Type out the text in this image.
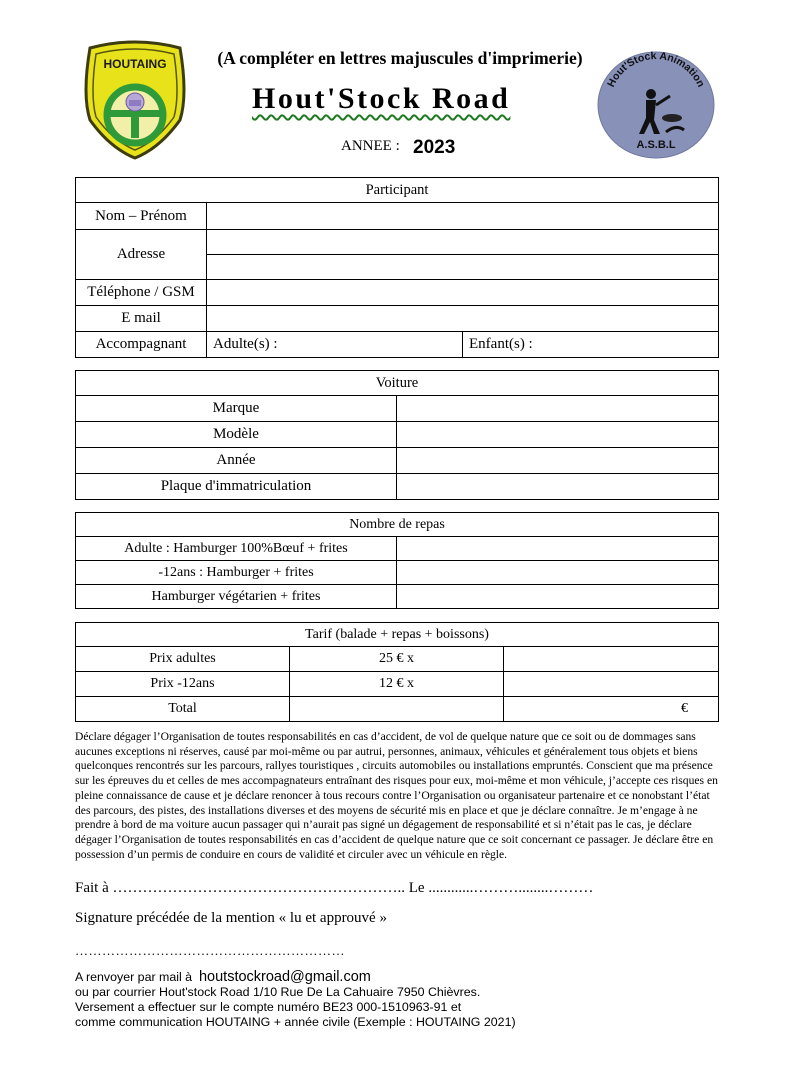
HOUTAING
Hout'Stock Animation
A.S.B.L
(A compléter en lettres majuscules d'imprimerie)
Hout'Stock Road
ANNEE : 2023
Participant		
Nom – Prénom		
Adresse		

Téléphone / GSM		
E mail		
Accompagnant	Adulte(s) :	Enfant(s) :
Voiture	
Marque	
Modèle	
Année	
Plaque d'immatriculation	
Nombre de repas	
Adulte : Hamburger 100%Bœuf + frites	
-12ans : Hamburger + frites	
Hamburger végétarien + frites	
Tarif (balade + repas + boissons)		
Prix adultes	25 € x	
Prix -12ans	12 € x	
Total		€
Déclare dégager l’Organisation de toutes responsabilités en cas d’accident, de vol de quelque nature que ce soit ou de dommages sans aucunes exceptions ni réserves, causé par moi-même ou par autrui, personnes, animaux, véhicules et généralement tous objets et biens quelconques rencontrés sur les parcours, rallyes touristiques , circuits automobiles ou installations empruntés. Conscient que ma présence sur les épreuves du et celles de mes accompagnateurs entraînant des risques pour eux, moi-même et mon véhicule, j’accepte ces risques en pleine connaissance de cause et je déclare renoncer à tous recours contre l’Organisation ou organisateur partenaire et ce nonobstant l’état des parcours, des pistes, des installations diverses et des moyens de sécurité mis en place et que je déclare connaître. Je m’engage à ne prendre à bord de ma voiture aucun passager qui n’aurait pas signé un dégagement de responsabilité et si n’était pas le cas, je déclare dégager l’Organisation de toutes responsabilités en cas d’accident de quelque nature que ce soit concernant ce passager. Je déclare être en possession d’un permis de conduire en cours de validité et circuler avec un véhicule en règle.
Fait à ………………………………………………….. Le ............………........………
Signature précédée de la mention « lu et approuvé »
……………………………………………………
A renvoyer par mail à houtstockroad@gmail.com
ou par courrier Hout'stock Road 1/10 Rue De La Cahuaire 7950 Chièvres.
Versement a effectuer sur le compte numéro BE23 000-1510963-91 et
comme communication HOUTAING + année civile (Exemple : HOUTAING 2021)
